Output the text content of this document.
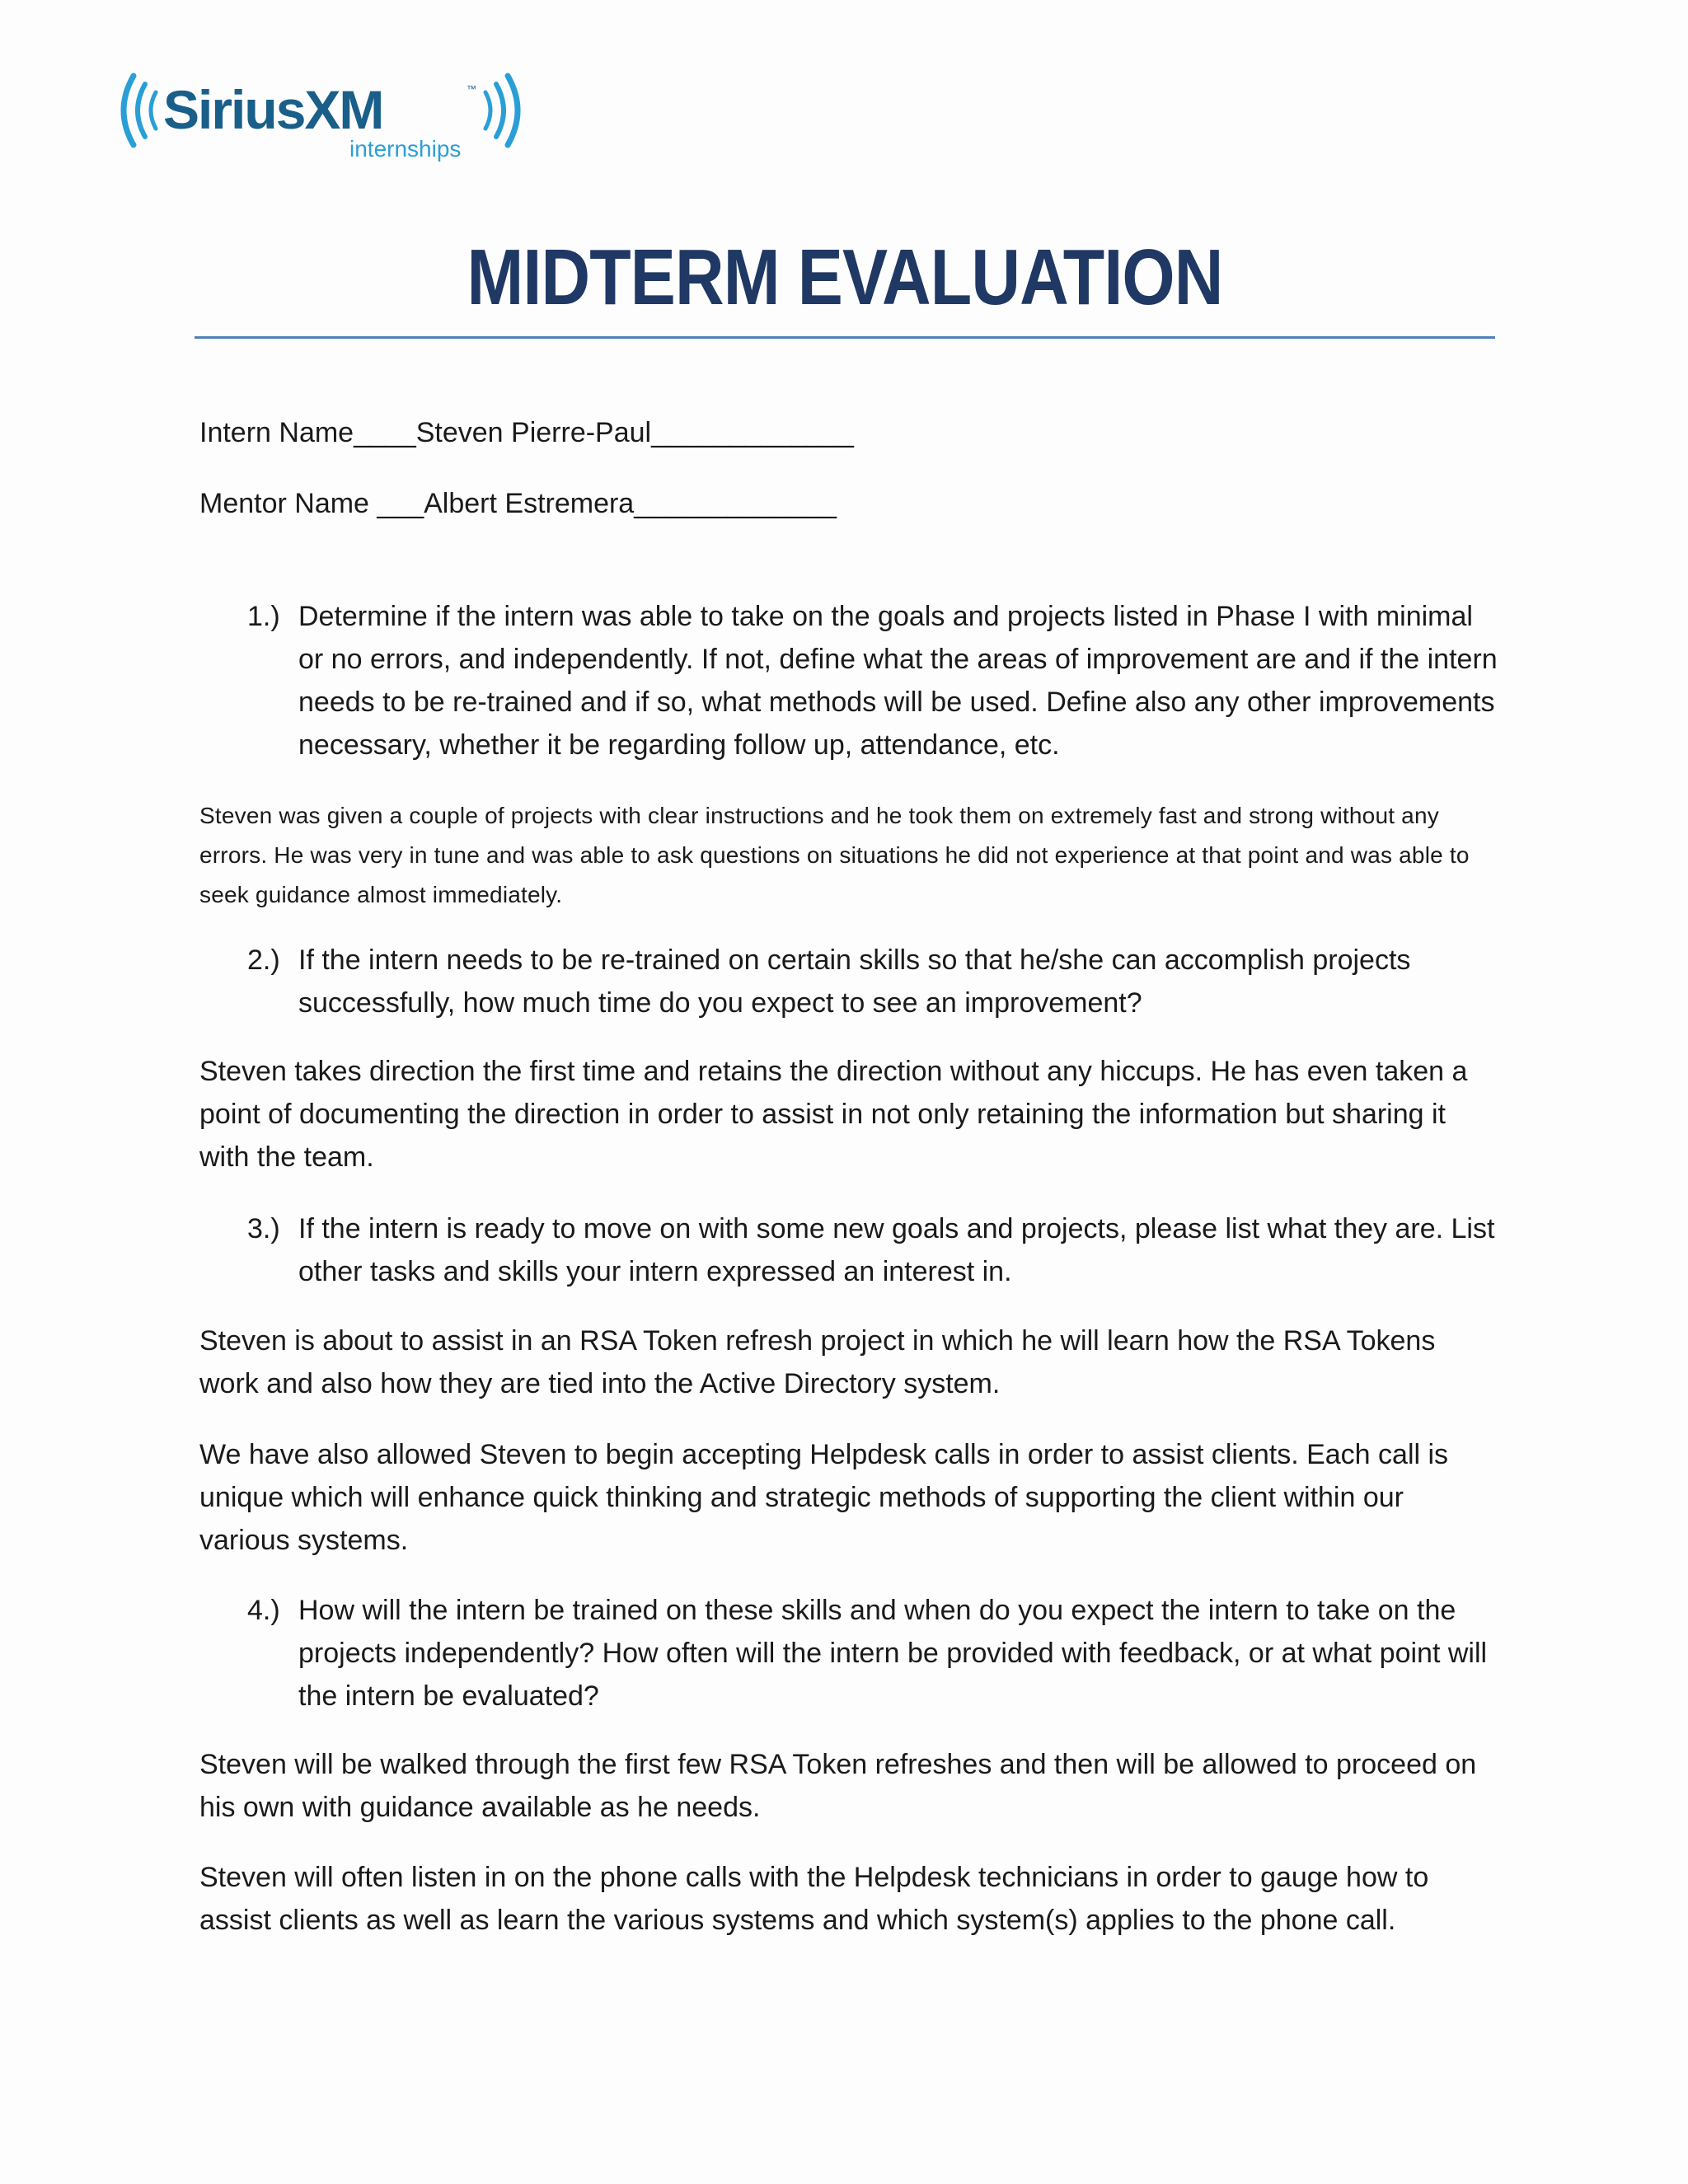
SiriusXM	™
internships
MIDTERM EVALUATION
Intern Name____Steven Pierre-Paul_____________
Mentor Name ___Albert Estremera_____________
1.) Determine if the intern was able to take on the goals and projects listed in Phase I with minimal or no errors, and independently. If not, define what the areas of improvement are and if the intern needs to be re-trained and if so, what methods will be used. Define also any other improvements necessary, whether it be regarding follow up, attendance, etc.
Steven was given a couple of projects with clear instructions and he took them on extremely fast and strong without any errors. He was very in tune and was able to ask questions on situations he did not experience at that point and was able to seek guidance almost immediately.
2.) If the intern needs to be re-trained on certain skills so that he/she can accomplish projects successfully, how much time do you expect to see an improvement?
Steven takes direction the first time and retains the direction without any hiccups. He has even taken a point of documenting the direction in order to assist in not only retaining the information but sharing it with the team.
3.) If the intern is ready to move on with some new goals and projects, please list what they are. List other tasks and skills your intern expressed an interest in.
Steven is about to assist in an RSA Token refresh project in which he will learn how the RSA Tokens work and also how they are tied into the Active Directory system.
We have also allowed Steven to begin accepting Helpdesk calls in order to assist clients. Each call is unique which will enhance quick thinking and strategic methods of supporting the client within our various systems.
4.) How will the intern be trained on these skills and when do you expect the intern to take on the projects independently? How often will the intern be provided with feedback, or at what point will the intern be evaluated?
Steven will be walked through the first few RSA Token refreshes and then will be allowed to proceed on his own with guidance available as he needs.
Steven will often listen in on the phone calls with the Helpdesk technicians in order to gauge how to assist clients as well as learn the various systems and which system(s) applies to the phone call.
